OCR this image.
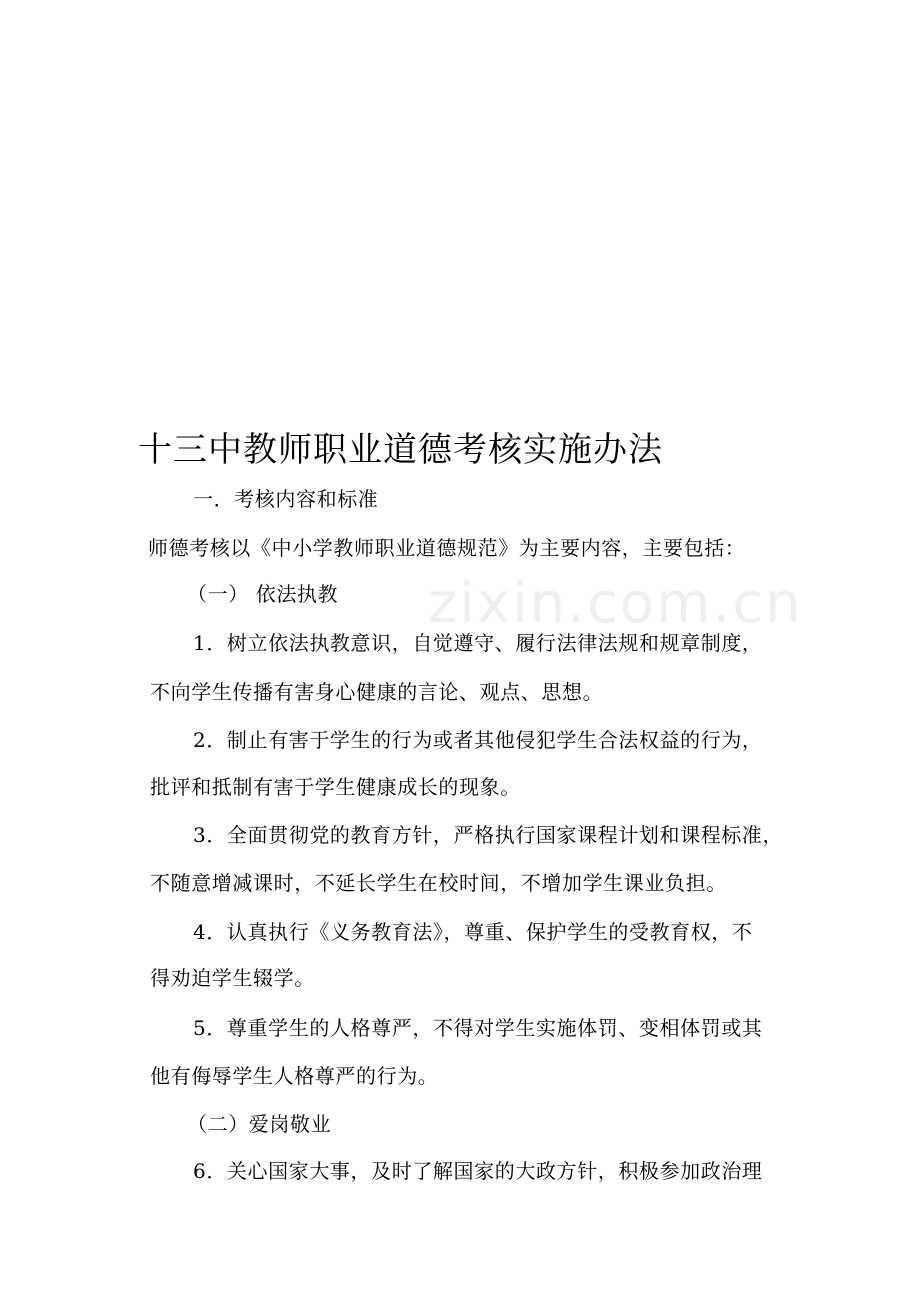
zixin.com.cn
十三中教师职业道德考核实施办法
一．考核内容和标准
师德考核以《中小学教师职业道德规范》为主要内容，主要包括：
（一） 依法执教
1．树立依法执教意识，自觉遵守、履行法律法规和规章制度，
不向学生传播有害身心健康的言论、观点、思想。
2．制止有害于学生的行为或者其他侵犯学生合法权益的行为，
批评和抵制有害于学生健康成长的现象。
3．全面贯彻党的教育方针，严格执行国家课程计划和课程标准，
不随意增减课时，不延长学生在校时间，不增加学生课业负担。
4．认真执行《义务教育法》，尊重、保护学生的受教育权，不
得劝迫学生辍学。
5．尊重学生的人格尊严，不得对学生实施体罚、变相体罚或其
他有侮辱学生人格尊严的行为。
（二）爱岗敬业
6．关心国家大事，及时了解国家的大政方针，积极参加政治理
